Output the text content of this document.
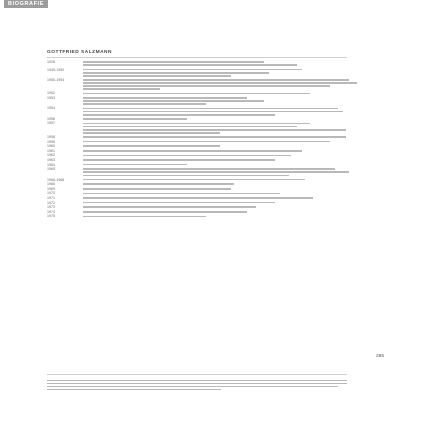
BIOGRAFIE
GOTTFRIED SALZMANN
1928
1945-1950
1950-1954
1952
1953
1954
1956
1957
1958
1959
1960
1961
1962
1963
1964
1965
1966-1968
1968
1969
1970
1971
1972
1973
1974
1975
285
